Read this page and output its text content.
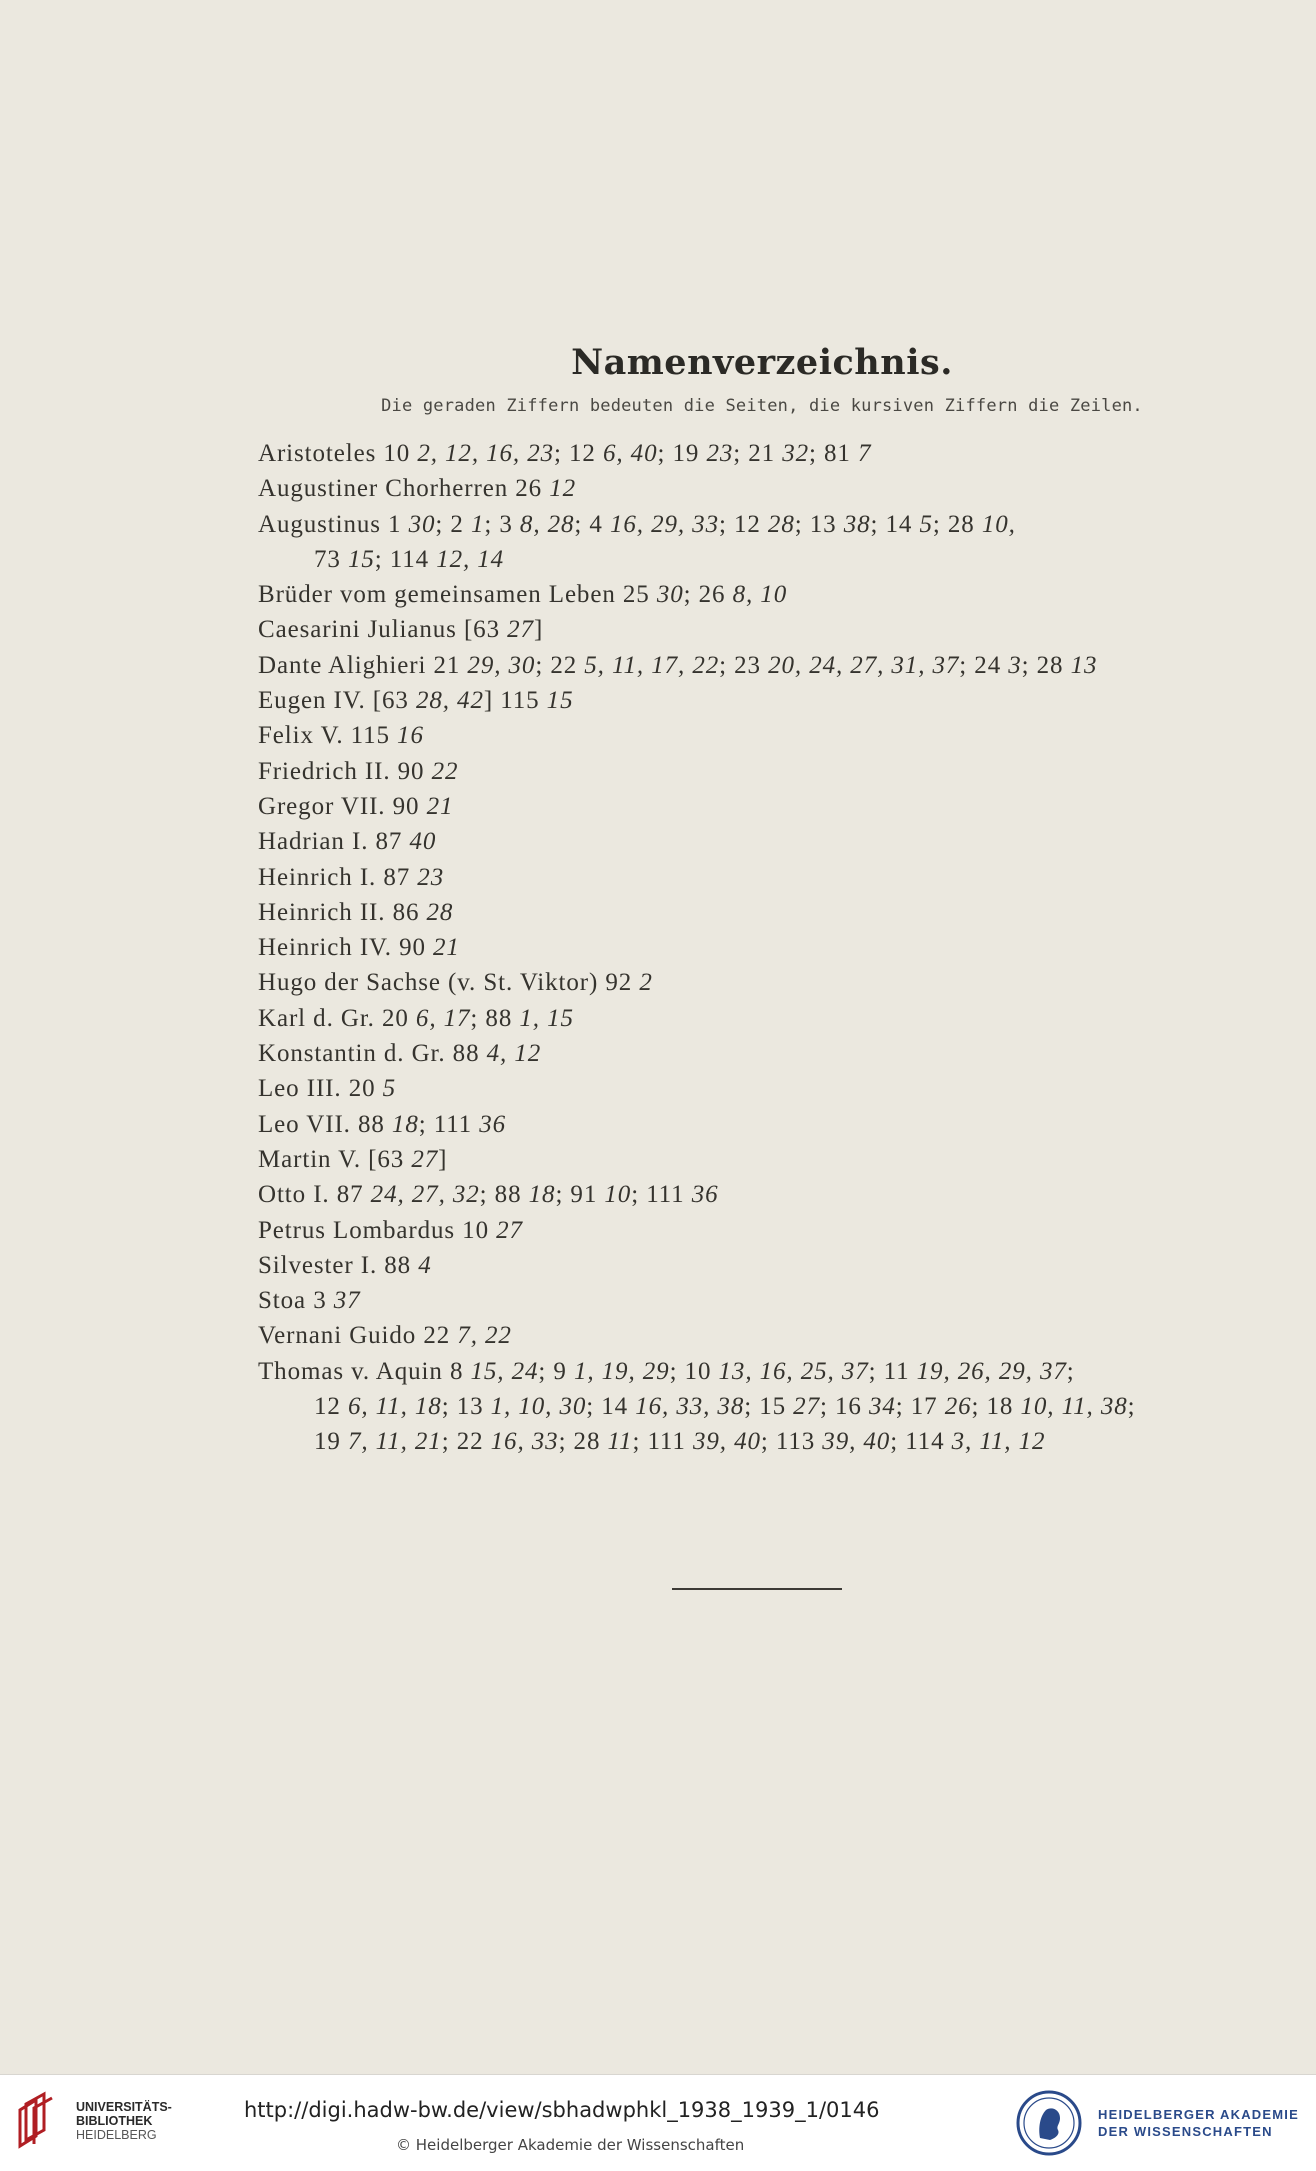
Namenverzeichnis.
Die geraden Ziffern bedeuten die Seiten, die kursiven Ziffern die Zeilen.
Aristoteles 10 2, 12, 16, 23; 12 6, 40; 19 23; 21 32; 81 7
Augustiner Chorherren 26 12
Augustinus 1 30; 2 1; 3 8, 28; 4 16, 29, 33; 12 28; 13 38; 14 5; 28 10,
73 15; 114 12, 14
Brüder vom gemeinsamen Leben 25 30; 26 8, 10
Caesarini Julianus [63 27]
Dante Alighieri 21 29, 30; 22 5, 11, 17, 22; 23 20, 24, 27, 31, 37; 24 3; 28 13
Eugen IV. [63 28, 42] 115 15
Felix V. 115 16
Friedrich II. 90 22
Gregor VII. 90 21
Hadrian I. 87 40
Heinrich I. 87 23
Heinrich II. 86 28
Heinrich IV. 90 21
Hugo der Sachse (v. St. Viktor) 92 2
Karl d. Gr. 20 6, 17; 88 1, 15
Konstantin d. Gr. 88 4, 12
Leo III. 20 5
Leo VII. 88 18; 111 36
Martin V. [63 27]
Otto I. 87 24, 27, 32; 88 18; 91 10; 111 36
Petrus Lombardus 10 27
Silvester I. 88 4
Stoa 3 37
Vernani Guido 22 7, 22
Thomas v. Aquin 8 15, 24; 9 1, 19, 29; 10 13, 16, 25, 37; 11 19, 26, 29, 37;
12 6, 11, 18; 13 1, 10, 30; 14 16, 33, 38; 15 27; 16 34; 17 26; 18 10, 11, 38;
19 7, 11, 21; 22 16, 33; 28 11; 111 39, 40; 113 39, 40; 114 3, 11, 12
UNIVERSITÄTS-
BIBLIOTHEK
HEIDELBERG
http://digi.hadw-bw.de/view/sbhadwphkl_1938_1939_1/0146
© Heidelberger Akademie der Wissenschaften
HEIDELBERGER AKADEMIE
DER WISSENSCHAFTEN
